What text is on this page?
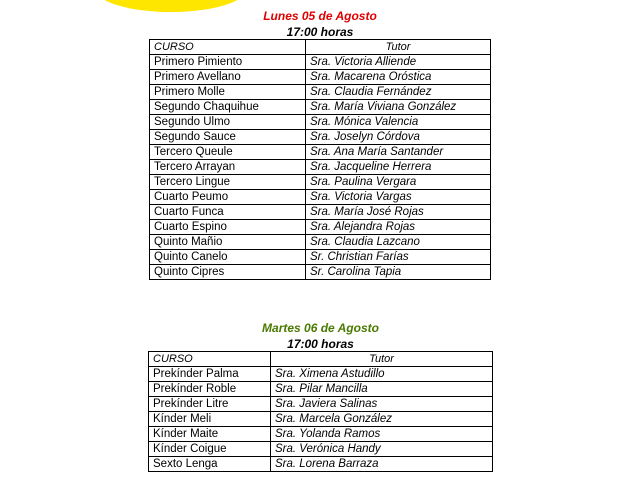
Lunes 05 de Agosto
17:00 horas
CURSO	Tutor
Primero Pimiento	Sra. Victoria Alliende
Primero Avellano	Sra. Macarena Oróstica
Primero Molle	Sra. Claudia Fernández
Segundo Chaquihue	Sra. María Viviana González
Segundo Ulmo	Sra. Mónica Valencia
Segundo Sauce	Sra. Joselyn Córdova
Tercero Queule	Sra. Ana María Santander
Tercero Arrayan	Sra. Jacqueline Herrera
Tercero Lingue	Sra. Paulina Vergara
Cuarto Peumo	Sra. Victoria Vargas
Cuarto Funca	Sra. María José Rojas
Cuarto Espino	Sra. Alejandra Rojas
Quinto Mañio	Sra. Claudia Lazcano
Quinto Canelo	Sr. Christian Farías
Quinto Cipres	Sr. Carolina Tapia
Martes 06 de Agosto
17:00 horas
CURSO	Tutor
Prekínder Palma	Sra. Ximena Astudillo
Prekínder Roble	Sra. Pilar Mancilla
Prekínder Litre	Sra. Javiera Salinas
Kínder Meli	Sra. Marcela González
Kínder Maite	Sra. Yolanda Ramos
Kínder Coigue	Sra. Verónica Handy
Sexto Lenga	Sra. Lorena Barraza
